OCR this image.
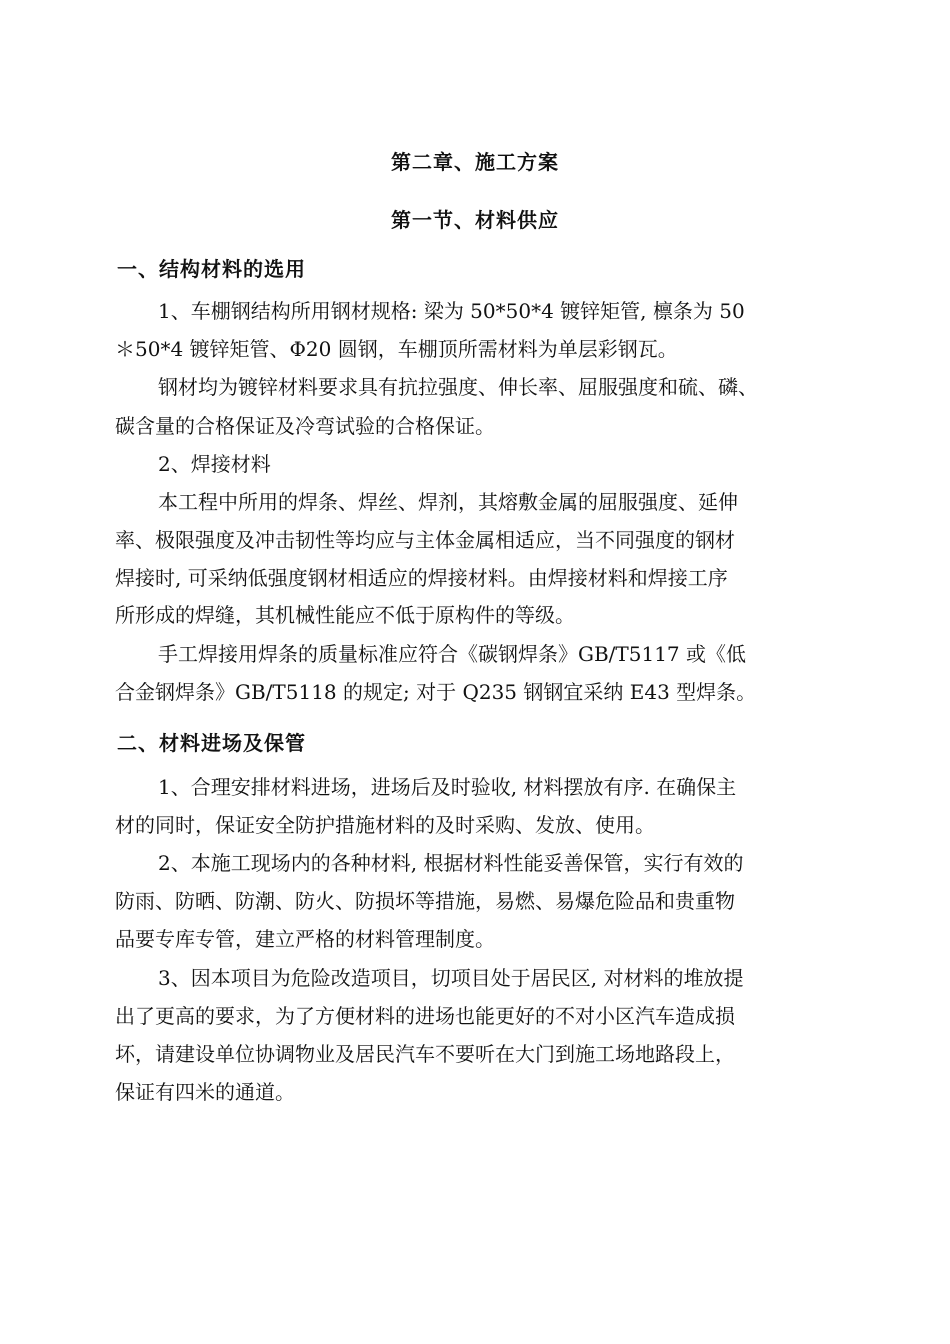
第二章、施工方案
第一节、材料供应
一、结构材料的选用
1、车棚钢结构所用钢材规格: 梁为 50*50*4 镀锌矩管, 檩条为 50
＊50*4 镀锌矩管、Φ20 圆钢，车棚顶所需材料为单层彩钢瓦。
钢材均为镀锌材料要求具有抗拉强度、伸长率、屈服强度和硫、磷、
碳含量的合格保证及冷弯试验的合格保证。
2、焊接材料
本工程中所用的焊条、焊丝、焊剂，其熔敷金属的屈服强度、延伸
率、极限强度及冲击韧性等均应与主体金属相适应，当不同强度的钢材
焊接时, 可采纳低强度钢材相适应的焊接材料。由焊接材料和焊接工序
所形成的焊缝，其机械性能应不低于原构件的等级。
手工焊接用焊条的质量标准应符合《碳钢焊条》GB/T5117 或《低
合金钢焊条》GB/T5118 的规定; 对于 Q235 钢钢宜采纳 E43 型焊条。
二、材料进场及保管
1、合理安排材料进场，进场后及时验收, 材料摆放有序. 在确保主
材的同时，保证安全防护措施材料的及时采购、发放、使用。
2、本施工现场内的各种材料, 根据材料性能妥善保管，实行有效的
防雨、防晒、防潮、防火、防损坏等措施，易燃、易爆危险品和贵重物
品要专库专管，建立严格的材料管理制度。
3、因本项目为危险改造项目，切项目处于居民区, 对材料的堆放提
出了更高的要求，为了方便材料的进场也能更好的不对小区汽车造成损
坏，请建设单位协调物业及居民汽车不要听在大门到施工场地路段上，
保证有四米的通道。
